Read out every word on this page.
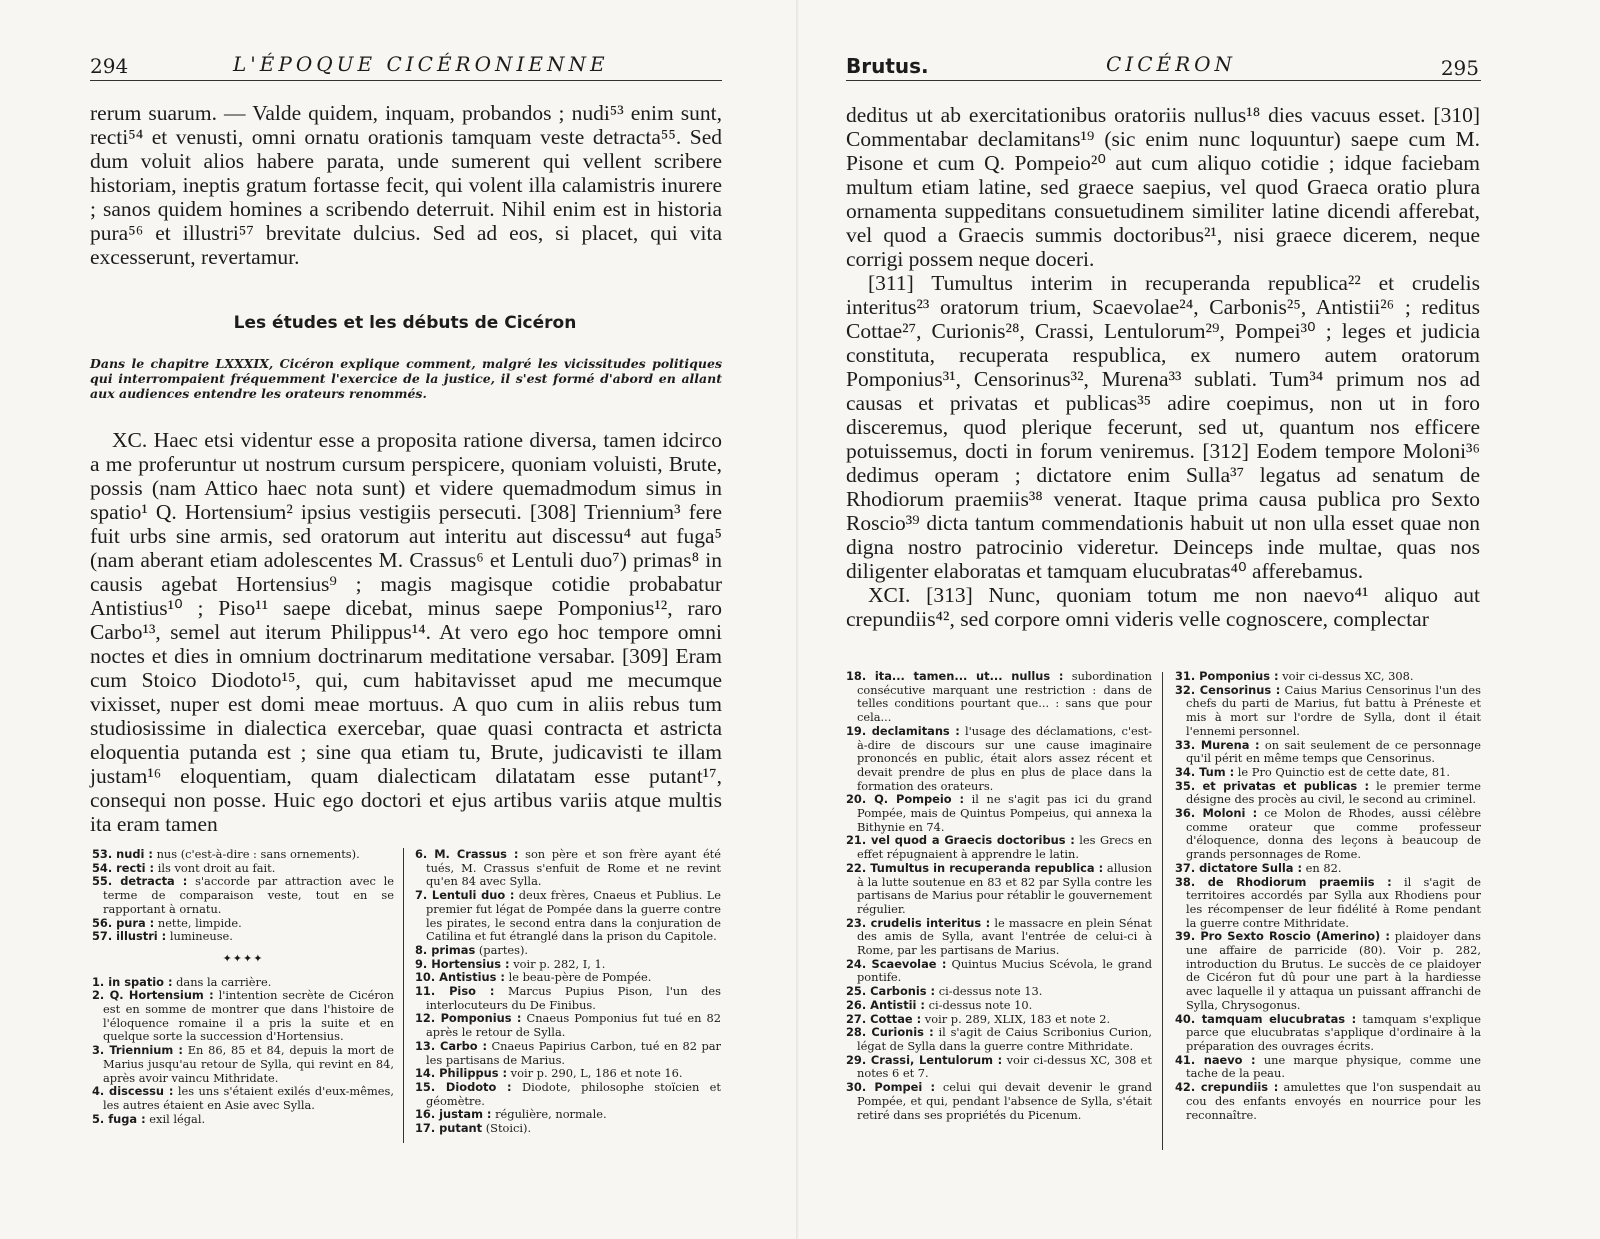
294	L'ÉPOQUE CICÉRONIENNE

rerum suarum. — Valde quidem, inquam, probandos ; nudi⁵³ enim sunt, recti⁵⁴ et venusti, omni ornatu orationis tamquam veste detracta⁵⁵. Sed dum voluit alios habere parata, unde sumerent qui vellent scribere historiam, ineptis gratum fortasse fecit, qui volent illa calamistris inurere ; sanos quidem homines a scribendo deterruit. Nihil enim est in historia pura⁵⁶ et illustri⁵⁷ brevitate dulcius. Sed ad eos, si placet, qui vita excesserunt, revertamur.

Les études et les débuts de Cicéron
Dans le chapitre LXXXIX, Cicéron explique comment, malgré les vicissitudes politiques qui interrompaient fréquemment l'exercice de la justice, il s'est formé d'abord en allant aux audiences entendre les orateurs renommés.

XC. Haec etsi videntur esse a proposita ratione diversa, tamen idcirco a me proferuntur ut nostrum cursum perspicere, quoniam voluisti, Brute, possis (nam Attico haec nota sunt) et videre quemadmodum simus in spatio¹ Q. Hortensium² ipsius vestigiis persecuti. [308] Triennium³ fere fuit urbs sine armis, sed oratorum aut interitu aut discessu⁴ aut fuga⁵ (nam aberant etiam adolescentes M. Crassus⁶ et Lentuli duo⁷) primas⁸ in causis agebat Hortensius⁹ ; magis magisque cotidie probabatur Antistius¹⁰ ; Piso¹¹ saepe dicebat, minus saepe Pomponius¹², raro Carbo¹³, semel aut iterum Philippus¹⁴. At vero ego hoc tempore omni noctes et dies in omnium doctrinarum meditatione versabar. [309] Eram cum Stoico Diodoto¹⁵, qui, cum habitavisset apud me mecumque vixisset, nuper est domi meae mortuus. A quo cum in aliis rebus tum studiosissime in dialectica exercebar, quae quasi contracta et astricta eloquentia putanda est ; sine qua etiam tu, Brute, judicavisti te illam justam¹⁶ eloquentiam, quam dialecticam dilatatam esse putant¹⁷, consequi non posse. Huic ego doctori et ejus artibus variis atque multis ita eram tamen

53. nudi : nus (c'est-à-dire : sans ornements).
54. recti : ils vont droit au fait.
55. detracta : s'accorde par attraction avec le terme de comparaison veste, tout en se rapportant à ornatu.
56. pura : nette, limpide.
57. illustri : lumineuse.
✦✦✦✦
1. in spatio : dans la carrière.
2. Q. Hortensium : l'intention secrète de Cicéron est en somme de montrer que dans l'histoire de l'éloquence romaine il a pris la suite et en quelque sorte la succession d'Hortensius.
3. Triennium : En 86, 85 et 84, depuis la mort de Marius jusqu'au retour de Sylla, qui revint en 84, après avoir vaincu Mithridate.
4. discessu : les uns s'étaient exilés d'eux-mêmes, les autres étaient en Asie avec Sylla.
5. fuga : exil légal.
6. M. Crassus : son père et son frère ayant été tués, M. Crassus s'enfuit de Rome et ne revint qu'en 84 avec Sylla.
7. Lentuli duo : deux frères, Cnaeus et Publius. Le premier fut légat de Pompée dans la guerre contre les pirates, le second entra dans la conjuration de Catilina et fut étranglé dans la prison du Capitole.
8. primas (partes).
9. Hortensius : voir p. 282, I, 1.
10. Antistius : le beau-père de Pompée.
11. Piso : Marcus Pupius Pison, l'un des interlocuteurs du De Finibus.
12. Pomponius : Cnaeus Pomponius fut tué en 82 après le retour de Sylla.
13. Carbo : Cnaeus Papirius Carbon, tué en 82 par les partisans de Marius.
14. Philippus : voir p. 290, L, 186 et note 16.
15. Diodoto : Diodote, philosophe stoïcien et géomètre.
16. justam : régulière, normale.
17. putant (Stoici).
Brutus.	CICÉRON	295

deditus ut ab exercitationibus oratoriis nullus¹⁸ dies vacuus esset. [310] Commentabar declamitans¹⁹ (sic enim nunc loquuntur) saepe cum M. Pisone et cum Q. Pompeio²⁰ aut cum aliquo cotidie ; idque faciebam multum etiam latine, sed graece saepius, vel quod Graeca oratio plura ornamenta suppeditans consuetudinem similiter latine dicendi afferebat, vel quod a Graecis summis doctoribus²¹, nisi graece dicerem, neque corrigi possem neque doceri.

[311] Tumultus interim in recuperanda republica²² et crudelis interitus²³ oratorum trium, Scaevolae²⁴, Carbonis²⁵, Antistii²⁶ ; reditus Cottae²⁷, Curionis²⁸, Crassi, Lentulorum²⁹, Pompei³⁰ ; leges et judicia constituta, recuperata respublica, ex numero autem oratorum Pomponius³¹, Censorinus³², Murena³³ sublati. Tum³⁴ primum nos ad causas et privatas et publicas³⁵ adire coepimus, non ut in foro disceremus, quod plerique fecerunt, sed ut, quantum nos efficere potuissemus, docti in forum veniremus. [312] Eodem tempore Moloni³⁶ dedimus operam ; dictatore enim Sulla³⁷ legatus ad senatum de Rhodiorum praemiis³⁸ venerat. Itaque prima causa publica pro Sexto Roscio³⁹ dicta tantum commendationis habuit ut non ulla esset quae non digna nostro patrocinio videretur. Deinceps inde multae, quas nos diligenter elaboratas et tamquam elucubratas⁴⁰ afferebamus.

XCI. [313] Nunc, quoniam totum me non naevo⁴¹ aliquo aut crepundiis⁴², sed corpore omni videris velle cognoscere, complectar

18. ita... tamen... ut... nullus : subordination consécutive marquant une restriction : dans de telles conditions pourtant que... : sans que pour cela...
19. declamitans : l'usage des déclamations, c'est-à-dire de discours sur une cause imaginaire prononcés en public, était alors assez récent et devait prendre de plus en plus de place dans la formation des orateurs.
20. Q. Pompeio : il ne s'agit pas ici du grand Pompée, mais de Quintus Pompeius, qui annexa la Bithynie en 74.
21. vel quod a Graecis doctoribus : les Grecs en effet répugnaient à apprendre le latin.
22. Tumultus in recuperanda republica : allusion à la lutte soutenue en 83 et 82 par Sylla contre les partisans de Marius pour rétablir le gouvernement régulier.
23. crudelis interitus : le massacre en plein Sénat des amis de Sylla, avant l'entrée de celui-ci à Rome, par les partisans de Marius.
24. Scaevolae : Quintus Mucius Scévola, le grand pontife.
25. Carbonis : ci-dessus note 13.
26. Antistii : ci-dessus note 10.
27. Cottae : voir p. 289, XLIX, 183 et note 2.
28. Curionis : il s'agit de Caius Scribonius Curion, légat de Sylla dans la guerre contre Mithridate.
29. Crassi, Lentulorum : voir ci-dessus XC, 308 et notes 6 et 7.
30. Pompei : celui qui devait devenir le grand Pompée, et qui, pendant l'absence de Sylla, s'était retiré dans ses propriétés du Picenum.
31. Pomponius : voir ci-dessus XC, 308.
32. Censorinus : Caius Marius Censorinus l'un des chefs du parti de Marius, fut battu à Préneste et mis à mort sur l'ordre de Sylla, dont il était l'ennemi personnel.
33. Murena : on sait seulement de ce personnage qu'il périt en même temps que Censorinus.
34. Tum : le Pro Quinctio est de cette date, 81.
35. et privatas et publicas : le premier terme désigne des procès au civil, le second au criminel.
36. Moloni : ce Molon de Rhodes, aussi célèbre comme orateur que comme professeur d'éloquence, donna des leçons à beaucoup de grands personnages de Rome.
37. dictatore Sulla : en 82.
38. de Rhodiorum praemiis : il s'agit de territoires accordés par Sylla aux Rhodiens pour les récompenser de leur fidélité à Rome pendant la guerre contre Mithridate.
39. Pro Sexto Roscio (Amerino) : plaidoyer dans une affaire de parricide (80). Voir p. 282, introduction du Brutus. Le succès de ce plaidoyer de Cicéron fut dû pour une part à la hardiesse avec laquelle il y attaqua un puissant affranchi de Sylla, Chrysogonus.
40. tamquam elucubratas : tamquam s'explique parce que elucubratas s'applique d'ordinaire à la préparation des ouvrages écrits.
41. naevo : une marque physique, comme une tache de la peau.
42. crepundiis : amulettes que l'on suspendait au cou des enfants envoyés en nourrice pour les reconnaître.
